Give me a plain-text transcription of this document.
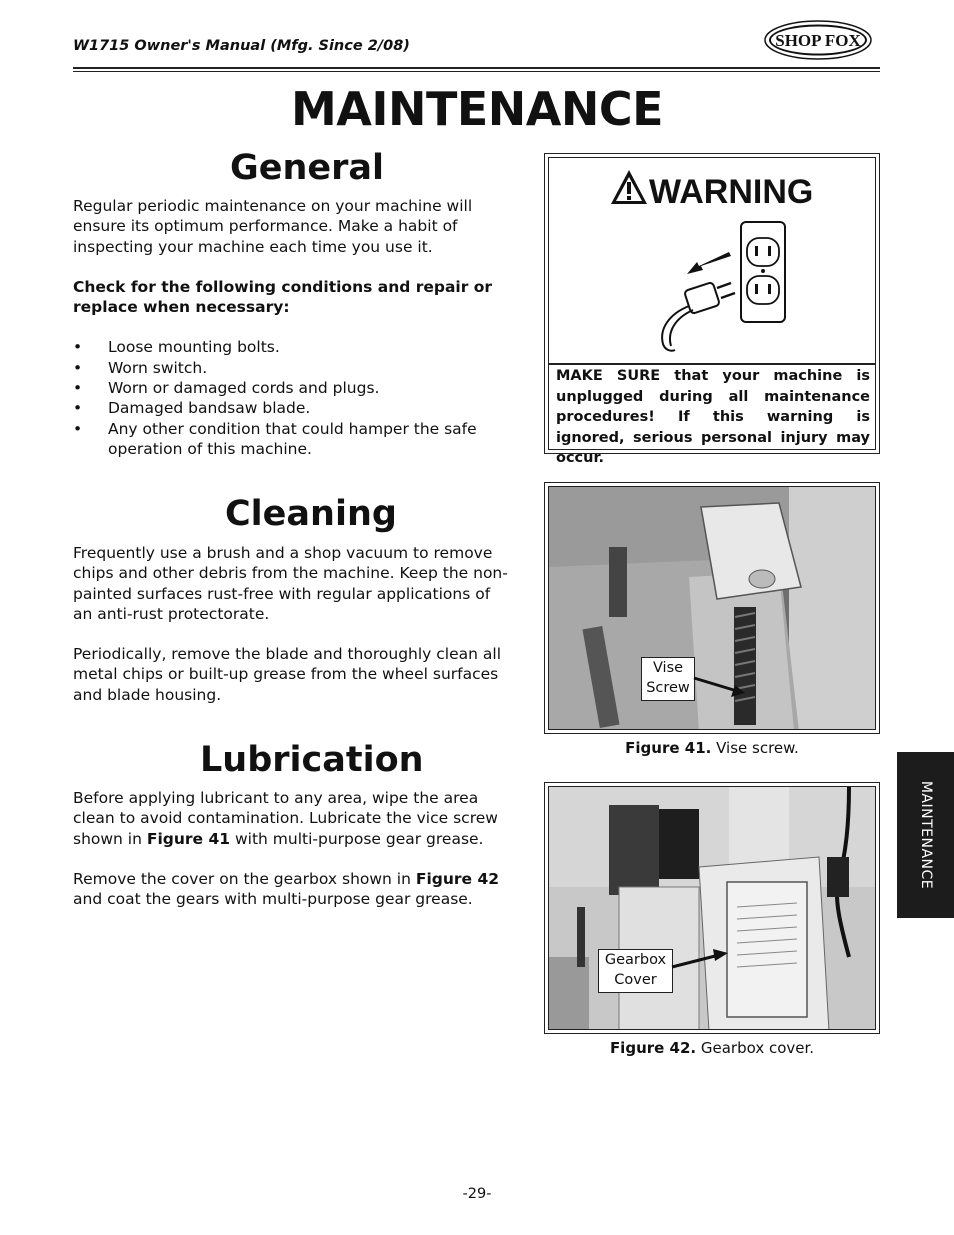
W1715 Owner's Manual (Mfg. Since 2/08)	SHOP FOX
MAINTENANCE
General

Regular periodic maintenance on your machine will ensure its optimum performance. Make a habit of inspecting your machine each time you use it.

Check for the following conditions and repair or replace when necessary:

• Loose mounting bolts.
• Worn switch.
• Worn or damaged cords and plugs.
• Damaged bandsaw blade.
• Any other condition that could hamper the safe operation of this machine.
Cleaning

Frequently use a brush and a shop vacuum to remove chips and other debris from the machine. Keep the non-painted surfaces rust-free with regular applications of an anti-rust protectorate.

Periodically, remove the blade and thoroughly clean all metal chips or built-up grease from the wheel surfaces and blade housing.

Lubrication

Before applying lubricant to any area, wipe the area clean to avoid contamination. Lubricate the vice screw shown in Figure 41 with multi-purpose gear grease.

Remove the cover on the gearbox shown in Figure 42 and coat the gears with multi-purpose gear grease.

WARNING
MAKE SURE that your machine is unplugged during all maintenance procedures! If this warning is ignored, serious personal injury may occur.
Vise
Screw
Figure 41. Vise screw.
Gearbox
Cover
Figure 42. Gearbox cover.
MAINTENANCE
-29-
